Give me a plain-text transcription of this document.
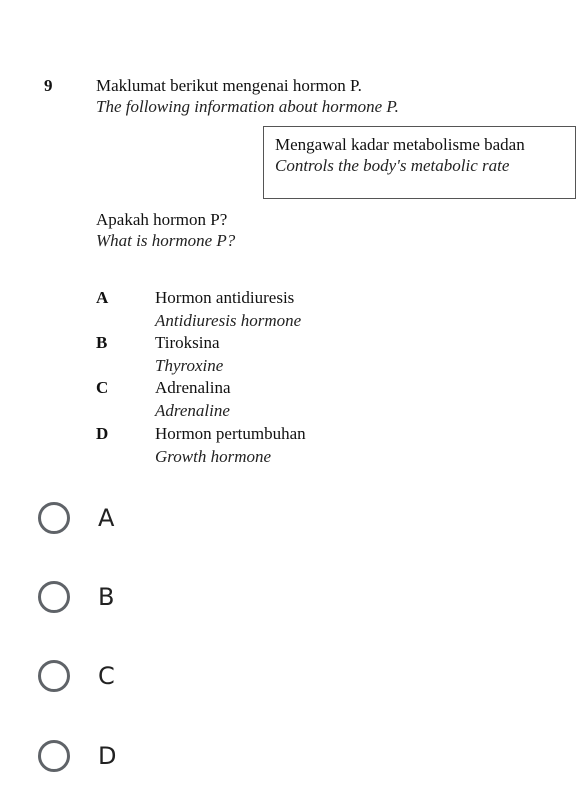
9	Maklumat berikut mengenai hormon P.
The following information about hormone P.
Mengawal kadar metabolisme badan
Controls the body's metabolic rate
Apakah hormon P?
What is hormone P?
A	Hormon antidiuresis
Antidiuresis hormone
B	Tiroksina
Thyroxine
C	Adrenalina
Adrenaline
D	Hormon pertumbuhan
Growth hormone
A
B
C
D
